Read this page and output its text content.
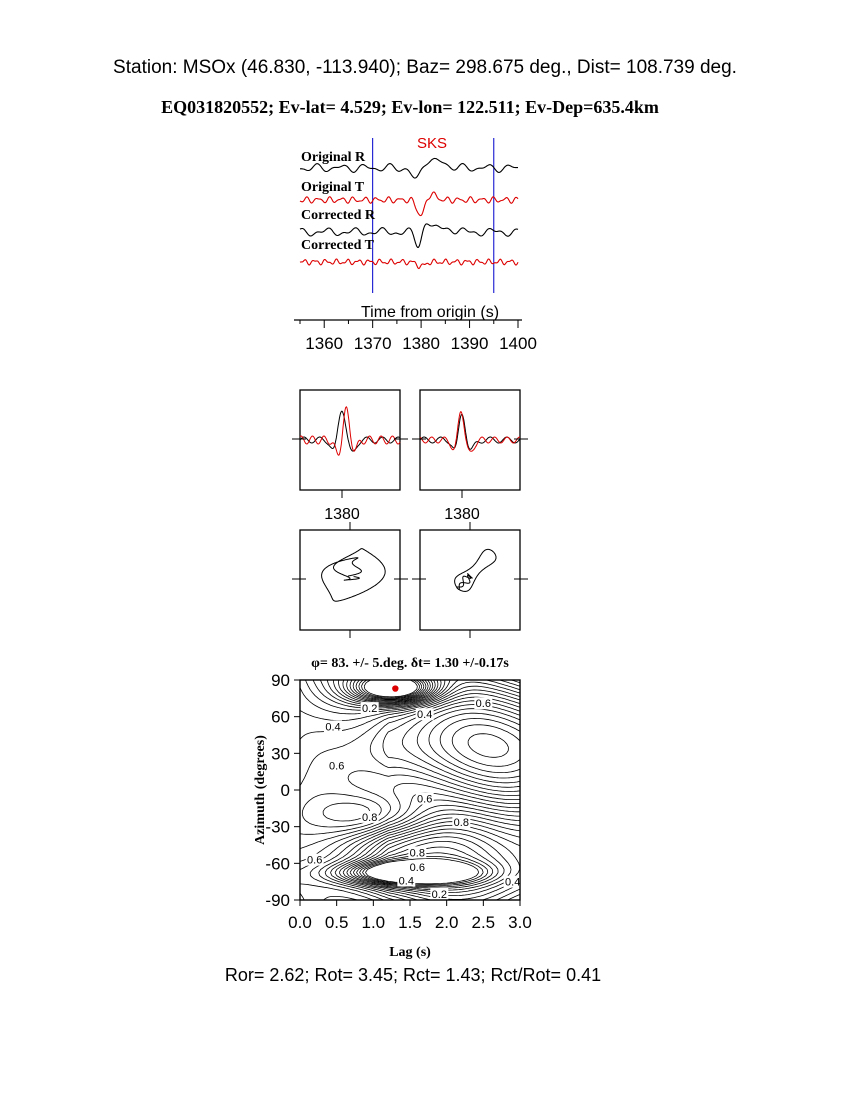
Station: MSOx (46.830, -113.940); Baz= 298.675 deg., Dist= 108.739 deg.
EQ031820552; Ev-lat= 4.529; Ev-lon= 122.511; Ev-Dep=635.4km
SKS
Original R
Original T
Corrected R
Corrected T
Time from origin (s)
1360 1370 1380 1390 1400
1380	1380
φ= 83. +/- 5.deg. δt= 1.30 +/-0.17s
0.2
0.4
0.6
0.4
0.6
0.6
0.8	0.8
0.6
0.8
0.6
0.4	0.4
0.2
0.0 0.5 1.0 1.5 2.0 2.5 3.0
90
60
30
0
-30
-60
-90
Lag (s)
Azimuth (degrees)
Ror= 2.62; Rot= 3.45; Rct= 1.43; Rct/Rot= 0.41
